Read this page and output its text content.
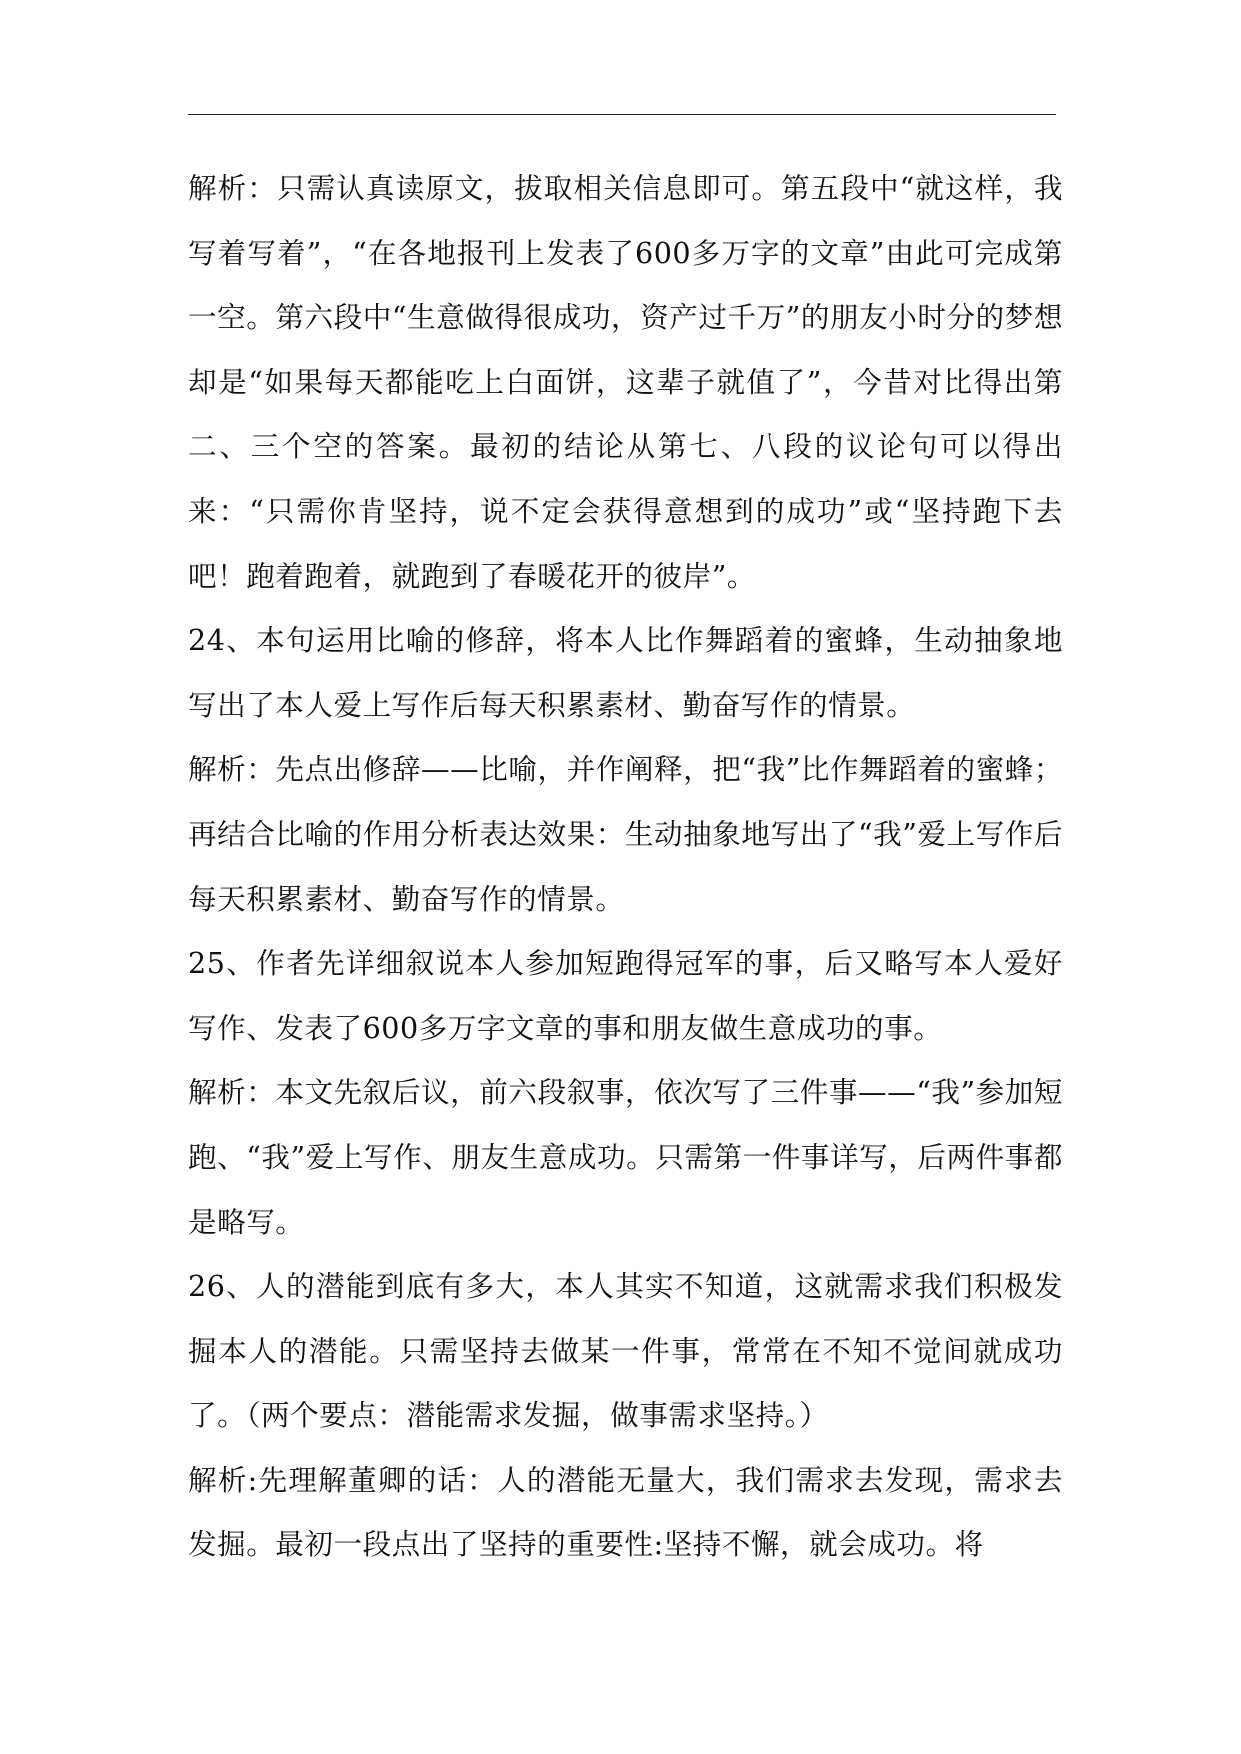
解析：只需认真读原文，拔取相关信息即可。第五段中“就这样，我写着写着”，“在各地报刊上发表了600多万字的文章”由此可完成第一空。第六段中“生意做得很成功，资产过千万”的朋友小时分的梦想却是“如果每天都能吃上白面饼，这辈子就值了”，今昔对比得出第二、三个空的答案。最初的结论从第七、八段的议论句可以得出来：“只需你肯坚持，说不定会获得意想到的成功”或“坚持跑下去吧！跑着跑着，就跑到了春暖花开的彼岸”。

24、本句运用比喻的修辞，将本人比作舞蹈着的蜜蜂，生动抽象地写出了本人爱上写作后每天积累素材、勤奋写作的情景。

解析：先点出修辞——比喻，并作阐释，把“我”比作舞蹈着的蜜蜂；再结合比喻的作用分析表达效果：生动抽象地写出了“我”爱上写作后每天积累素材、勤奋写作的情景。

25、作者先详细叙说本人参加短跑得冠军的事，后又略写本人爱好写作、发表了600多万字文章的事和朋友做生意成功的事。

解析：本文先叙后议，前六段叙事，依次写了三件事——“我”参加短跑、“我”爱上写作、朋友生意成功。只需第一件事详写，后两件事都是略写。

26、人的潜能到底有多大，本人其实不知道，这就需求我们积极发掘本人的潜能。只需坚持去做某一件事，常常在不知不觉间就成功了。（两个要点：潜能需求发掘，做事需求坚持。）

解析:先理解董卿的话：人的潜能无量大，我们需求去发现，需求去发掘。最初一段点出了坚持的重要性:坚持不懈，就会成功。将
